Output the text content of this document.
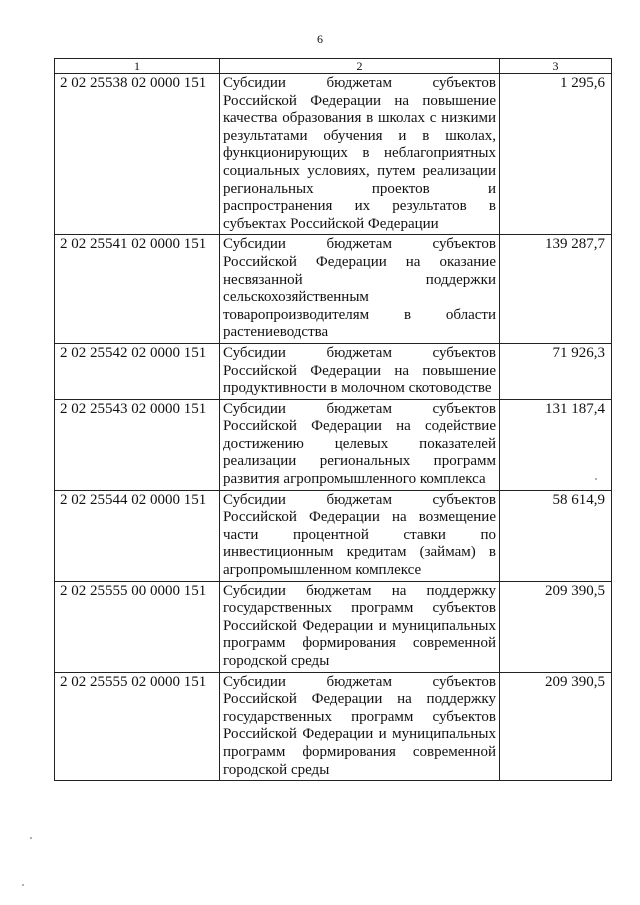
6
1	2	3
2 02 25538 02 0000 151	Субсидии бюджетам субъектов Российской Федерации на повышение качества образования в школах с низкими результатами обучения и в школах, функционирующих в неблагоприятных социальных условиях, путем реализации региональных проектов и распространения их результатов в субъектах Российской Федерации	1 295,6
2 02 25541 02 0000 151	Субсидии бюджетам субъектов Российской Федерации на оказание несвязанной поддержки сельскохозяйственным товаропроизводителям в области растениеводства	139 287,7
2 02 25542 02 0000 151	Субсидии бюджетам субъектов Российской Федерации на повышение продуктивности в молочном скотоводстве	71 926,3
2 02 25543 02 0000 151	Субсидии бюджетам субъектов Российской Федерации на содействие достижению целевых показателей реализации региональных программ развития агропромышленного комплекса	131 187,4
2 02 25544 02 0000 151	Субсидии бюджетам субъектов Российской Федерации на возмещение части процентной ставки по инвестиционным кредитам (займам) в агропромышленном комплексе	58 614,9
2 02 25555 00 0000 151	Субсидии бюджетам на поддержку государственных программ субъектов Российской Федерации и муниципальных программ формирования современной городской среды	209 390,5
2 02 25555 02 0000 151	Субсидии бюджетам субъектов Российской Федерации на поддержку государственных программ субъектов Российской Федерации и муниципальных программ формирования современной городской среды	209 390,5
